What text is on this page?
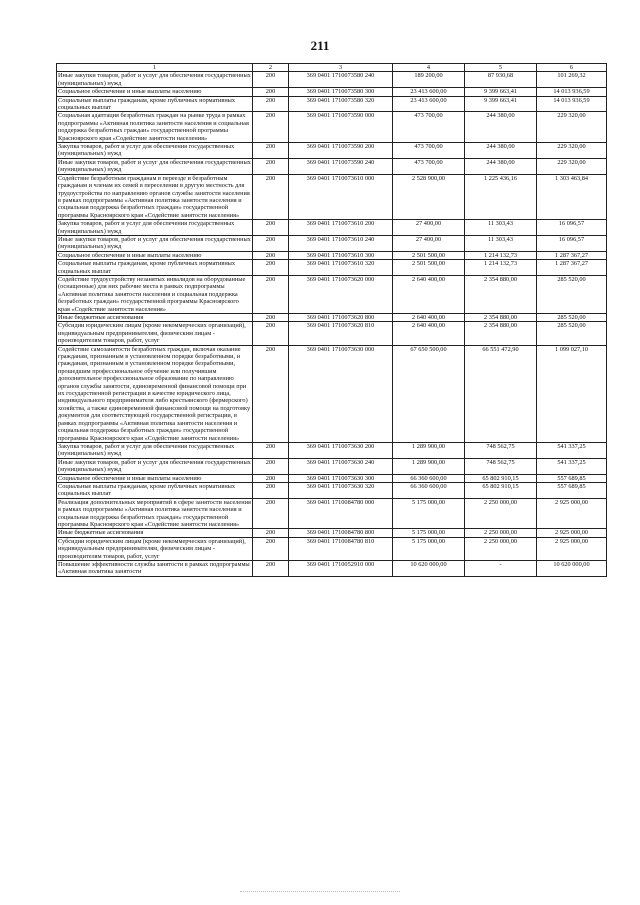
211
1	2	3	4	5	6
Иные закупки товаров, работ и услуг для обеспечения государственных (муниципальных) нужд	200	369 0401 1710073580 240	189 200,00	87 930,68	101 269,32
Социальное обеспечение и иные выплаты населению	200	369 0401 1710073580 300	23 413 600,00	9 399 663,41	14 013 936,59
Социальные выплаты гражданам, кроме публичных нормативных социальных выплат	200	369 0401 1710073580 320	23 413 600,00	9 399 663,41	14 013 936,59
Социальная адаптация безработных граждан на рынке труда в рамках подпрограммы «Активная политика занятости населения и социальная поддержка безработных граждан» государственной программы Красноярского края «Содействие занятости населения»	200	369 0401 1710073590 000	473 700,00	244 380,00	229 320,00
Закупка товаров, работ и услуг для обеспечения государственных (муниципальных) нужд	200	369 0401 1710073590 200	473 700,00	244 380,00	229 320,00
Иные закупки товаров, работ и услуг для обеспечения государственных (муниципальных) нужд	200	369 0401 1710073590 240	473 700,00	244 380,00	229 320,00
Содействие безработным гражданам в переезде и безработным гражданам и членам их семей в переселении в другую местность для трудоустройства по направлению органов службы занятости населения в рамках подпрограммы «Активная политика занятости населения и социальная поддержка безработных граждан» государственной программы Красноярского края «Содействие занятости населения»	200	369 0401 1710073610 000	2 528 900,00	1 225 436,16	1 303 463,84
Закупка товаров, работ и услуг для обеспечения государственных (муниципальных) нужд	200	369 0401 1710073610 200	27 400,00	11 303,43	16 096,57
Иные закупки товаров, работ и услуг для обеспечения государственных (муниципальных) нужд	200	369 0401 1710073610 240	27 400,00	11 303,43	16 096,57
Социальное обеспечение и иные выплаты населению	200	369 0401 1710073610 300	2 501 500,00	1 214 132,73	1 287 367,27
Социальные выплаты гражданам, кроме публичных нормативных социальных выплат	200	369 0401 1710073610 320	2 501 500,00	1 214 132,73	1 287 367,27
Содействие трудоустройству незанятых инвалидов на оборудованные (оснащенные) для них рабочие места в рамках подпрограммы «Активная политика занятости населения и социальная поддержка безработных граждан» государственной программы Красноярского края «Содействие занятости населения»	200	369 0401 1710073620 000	2 640 400,00	2 354 880,00	285 520,00
Иные бюджетные ассигнования	200	369 0401 1710073620 800	2 640 400,00	2 354 880,00	285 520,00
Субсидии юридическим лицам (кроме некоммерческих организаций), индивидуальным предпринимателям, физическим лицам - производителям товаров, работ, услуг	200	369 0401 1710073620 810	2 640 400,00	2 354 880,00	285 520,00
Содействие самозанятости безработных граждан, включая оказание гражданам, признанным в установленном порядке безработными, и гражданам, признанным в установленном порядке безработными, прошедшим профессиональное обучение или получившим дополнительное профессиональное образование по направлению органов службы занятости, единовременной финансовой помощи при их государственной регистрации в качестве юридического лица, индивидуального предпринимателя либо крестьянского (фермерского) хозяйства, а также единовременной финансовой помощи на подготовку документов для соответствующей государственной регистрации, в рамках подпрограммы «Активная политика занятости населения и социальная поддержка безработных граждан» государственной программы Красноярского края «Содействие занятости населения»	200	369 0401 1710073630 000	67 650 500,00	66 551 472,90	1 099 027,10
Закупка товаров, работ и услуг для обеспечения государственных (муниципальных) нужд	200	369 0401 1710073630 200	1 289 900,00	748 562,75	541 337,25
Иные закупки товаров, работ и услуг для обеспечения государственных (муниципальных) нужд	200	369 0401 1710073630 240	1 289 900,00	748 562,75	541 337,25
Социальное обеспечение и иные выплаты населению	200	369 0401 1710073630 300	66 360 600,00	65 802 910,15	557 689,85
Социальные выплаты гражданам, кроме публичных нормативных социальных выплат	200	369 0401 1710073630 320	66 360 600,00	65 802 910,15	557 689,85
Реализация дополнительных мероприятий в сфере занятости населения в рамках подпрограммы «Активная политика занятости населения и социальная поддержка безработных граждан» государственной программы Красноярского края «Содействие занятости населения»	200	369 0401 1710084780 000	5 175 000,00	2 250 000,00	2 925 000,00
Иные бюджетные ассигнования	200	369 0401 1710084780 800	5 175 000,00	2 250 000,00	2 925 000,00
Субсидии юридическим лицам (кроме некоммерческих организаций), индивидуальным предпринимателям, физическим лицам - производителям товаров, работ, услуг	200	369 0401 1710084780 810	5 175 000,00	2 250 000,00	2 925 000,00
Повышение эффективности службы занятости в рамках подпрограммы «Активная политика занятости	200	369 0401 1710052910 000	10 620 000,00	-	10 620 000,00
